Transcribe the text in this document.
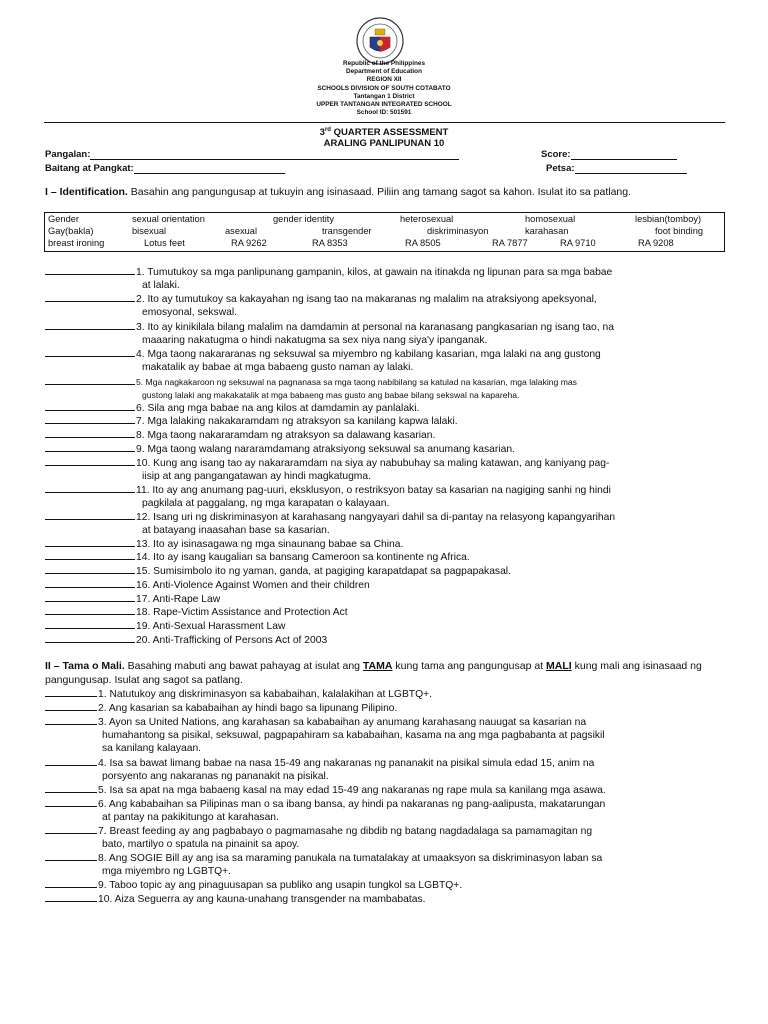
Republic of the Philippines
Department of Education
REGION XII
SCHOOLS DIVISION OF SOUTH COTABATO
Tantangan 1 District
UPPER TANTANGAN INTEGRATED SCHOOL
School ID: 501591
3rd QUARTER ASSESSMENT
ARALING PANLIPUNAN 10
Pangalan:	Score:
Baitang at Pangkat:	Petsa:
I – Identification. Basahin ang pangungusap at tukuyin ang isinasaad. Piliin ang tamang sagot sa kahon. Isulat ito sa patlang.
Gender	sexual orientation	gender identity	heterosexual	homosexual	lesbian(tomboy)
Gay(bakla)	bisexual	asexual	transgender	diskriminasyon	karahasan	foot binding
breast ironing	Lotus feet	RA 9262	RA 8353	RA 8505	RA 7877	RA 9710	RA 9208
1. Tumutukoy sa mga panlipunang gampanin, kilos, at gawain na itinakda ng lipunan para sa mga babae
at lalaki.
2. Ito ay tumutukoy sa kakayahan ng isang tao na makaranas ng malalim na atraksiyong apeksyonal,
emosyonal, sekswal.
3. Ito ay kinikilala bilang malalim na damdamin at personal na karanasang pangkasarian ng isang tao, na
maaaring nakatugma o hindi nakatugma sa sex niya nang siya'y ipanganak.
4. Mga taong nakararanas ng seksuwal sa miyembro ng kabilang kasarian, mga lalaki na ang gustong
makatalik ay babae at mga babaeng gusto naman ay lalaki.
5. Mga nagkakaroon ng seksuwal na pagnanasa sa mga taong nabibilang sa katulad na kasarian, mga lalaking mas
gustong lalaki ang makakatalik at mga babaeng mas gusto ang babae bilang sekswal na kapareha.
6. Sila ang mga babae na ang kilos at damdamin ay panlalaki.
7. Mga lalaking nakakaramdam ng atraksyon sa kanilang kapwa lalaki.
8. Mga taong nakararamdam ng atraksyon sa dalawang kasarian.
9. Mga taong walang nararamdamang atraksiyong seksuwal sa anumang kasarian.
10. Kung ang isang tao ay nakararamdam na siya ay nabubuhay sa maling katawan, ang kaniyang pag-
iisip at ang pangangatawan ay hindi magkatugma.
11. Ito ay ang anumang pag-uuri, eksklusyon, o restriksyon batay sa kasarian na nagiging sanhi ng hindi
pagkilala at paggalang, ng mga karapatan o kalayaan.
12. Isang uri ng diskriminasyon at karahasang nangyayari dahil sa di-pantay na relasyong kapangyarihan
at batayang inaasahan base sa kasarian.
13. Ito ay isinasagawa ng mga sinaunang babae sa China.
14. Ito ay isang kaugalian sa bansang Cameroon sa kontinente ng Africa.
15. Sumisimbolo ito ng yaman, ganda, at pagiging karapatdapat sa pagpapakasal.
16. Anti-Violence Against Women and their children
17. Anti-Rape Law
18. Rape-Victim Assistance and Protection Act
19. Anti-Sexual Harassment Law
20. Anti-Trafficking of Persons Act of 2003
II – Tama o Mali. Basahing mabuti ang bawat pahayag at isulat ang TAMA kung tama ang pangungusap at MALI kung mali ang isinasaad ng pangungusap. Isulat ang sagot sa patlang.
1. Natutukoy ang diskriminasyon sa kababaihan, kalalakihan at LGBTQ+.
2. Ang kasarian sa kababaihan ay hindi bago sa lipunang Pilipino.
3. Ayon sa United Nations, ang karahasan sa kababaihan ay anumang karahasang nauugat sa kasarian na
humahantong sa pisikal, seksuwal, pagpapahiram sa kababaihan, kasama na ang mga pagbabanta at pagsikil
sa kanilang kalayaan.
4. Isa sa bawat limang babae na nasa 15-49 ang nakaranas ng pananakit na pisikal simula edad 15, anim na
porsyento ang nakaranas ng pananakit na pisikal.
5. Isa sa apat na mga babaeng kasal na may edad 15-49 ang nakaranas ng rape mula sa kanilang mga asawa.
6. Ang kababaihan sa Pilipinas man o sa ibang bansa, ay hindi pa nakaranas ng pang-aalipusta, makatarungan
at pantay na pakikitungo at karahasan.
7. Breast feeding ay ang pagbabayo o pagmamasahe ng dibdib ng batang nagdadalaga sa pamamagitan ng
bato, martilyo o spatula na pinainit sa apoy.
8. Ang SOGIE Bill ay ang isa sa maraming panukala na tumatalakay at umaaksyon sa diskriminasyon laban sa
mga miyembro ng LGBTQ+.
9. Taboo topic ay ang pinaguusapan sa publiko ang usapin tungkol sa LGBTQ+.
10. Aiza Seguerra ay ang kauna-unahang transgender na mambabatas.
